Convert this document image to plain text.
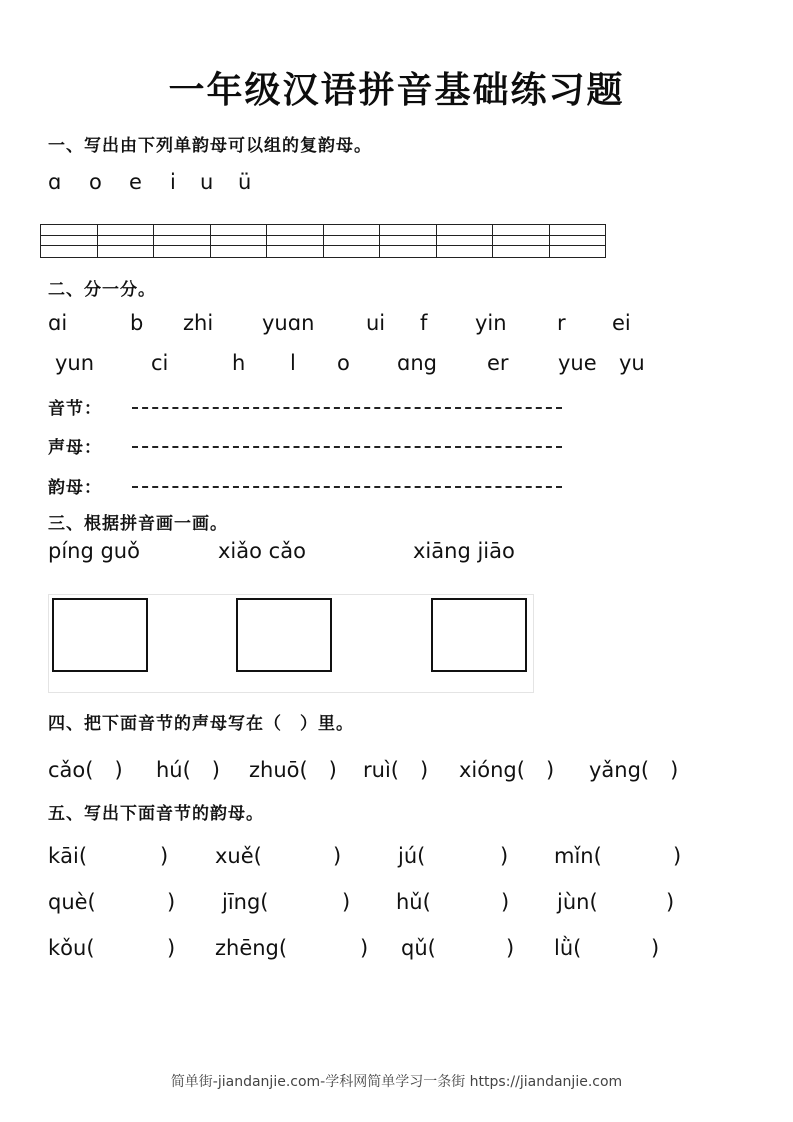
一年级汉语拼音基础练习题
一、写出由下列单韵母可以组的复韵母。
ɑ o e i u ü
二、分一分。
ɑi	b zhi yuɑn ui f yin r ei
yun	ci	h l o ɑng er yue yu
音节：
声母：
韵母：
三、根据拼音画一画。
píng guǒ	xiǎo cǎo	xiāng jiāo
四、把下面音节的声母写在（　）里。
cǎo(　) hú(　) zhuō(　) ruì(　) xióng(　) yǎng(　)
五、写出下面音节的韵母。
kāi(	) xuě(	)	jú(	) mǐn(	)
què(	) jīng(	) hǔ(	) jùn(	)
kǒu(	) zhēng(	) qǔ(	) lǜ(	)
简单街-jiandanjie.com-学科网简单学习一条街 https://jiandanjie.com
